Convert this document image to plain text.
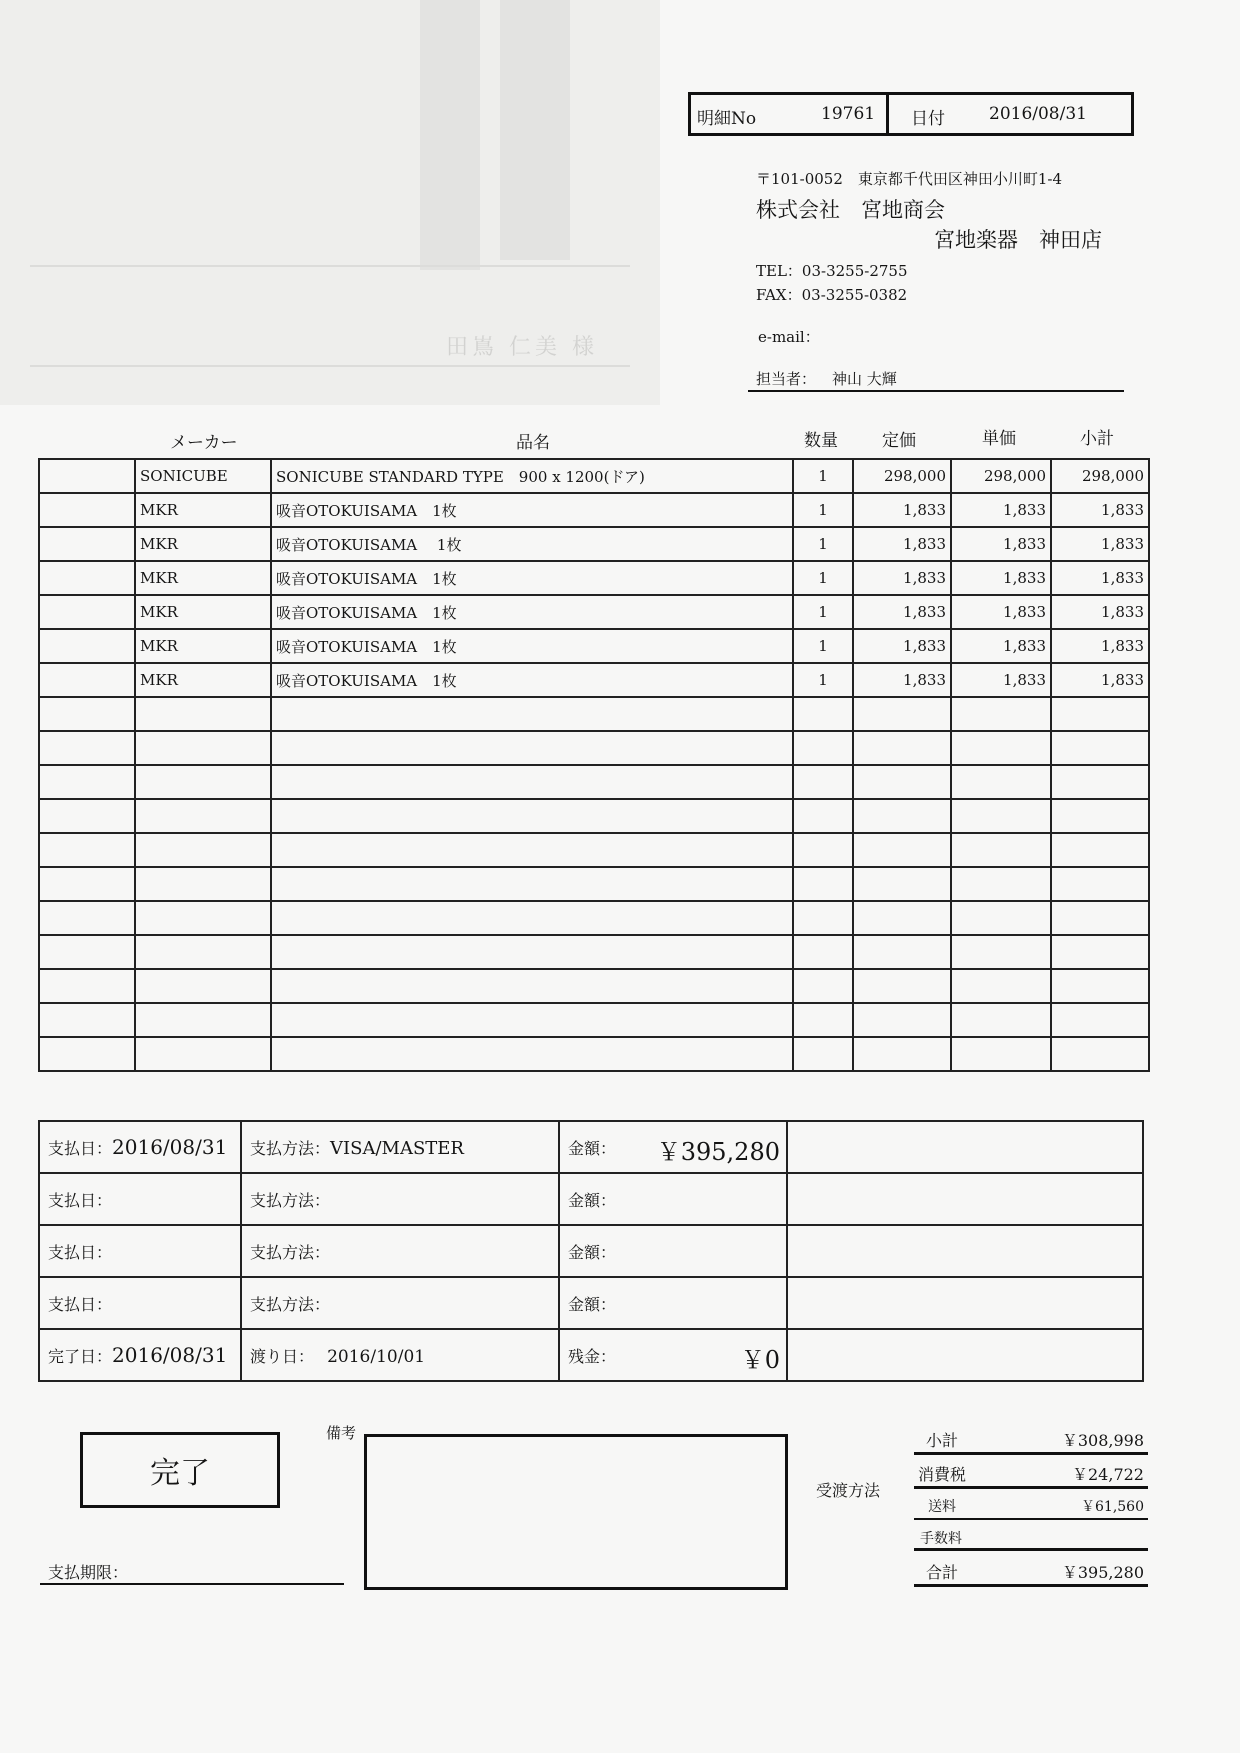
田嶌 仁美 様
明細No	19761 日付	2016/08/31
〒101-0052　東京都千代田区神田小川町1-4
株式会社　宮地商会
宮地楽器　神田店
TEL：03-3255-2755
FAX：03-3255-0382
e-mail：
担当者： 神山 大輝
メーカー	品名	数量	定価	単価	小計
	SONICUBE	SONICUBE STANDARD TYPE　900 x 1200(ドア)	1	298,000	298,000	298,000
	MKR	吸音OTOKUISAMA　1枚	1	1,833	1,833	1,833
	MKR	吸音OTOKUISAMA　 1枚	1	1,833	1,833	1,833
	MKR	吸音OTOKUISAMA　1枚	1	1,833	1,833	1,833
	MKR	吸音OTOKUISAMA　1枚	1	1,833	1,833	1,833
	MKR	吸音OTOKUISAMA　1枚	1	1,833	1,833	1,833
	MKR	吸音OTOKUISAMA　1枚	1	1,833	1,833	1,833

支払日：2016/08/31	支払方法：VISA/MASTER	金額： ￥395,280	

支払日：	支払方法：	金額：	
支払日：	支払方法：	金額：	
支払日：	支払方法：	金額：	
完了日：2016/08/31	渡り日： 2016/10/01	残金： ￥0	

完了
備考
受渡方法
支払期限：
小計	￥308,998
消費税	￥24,722
送料	￥61,560
手数料
合計	￥395,280
